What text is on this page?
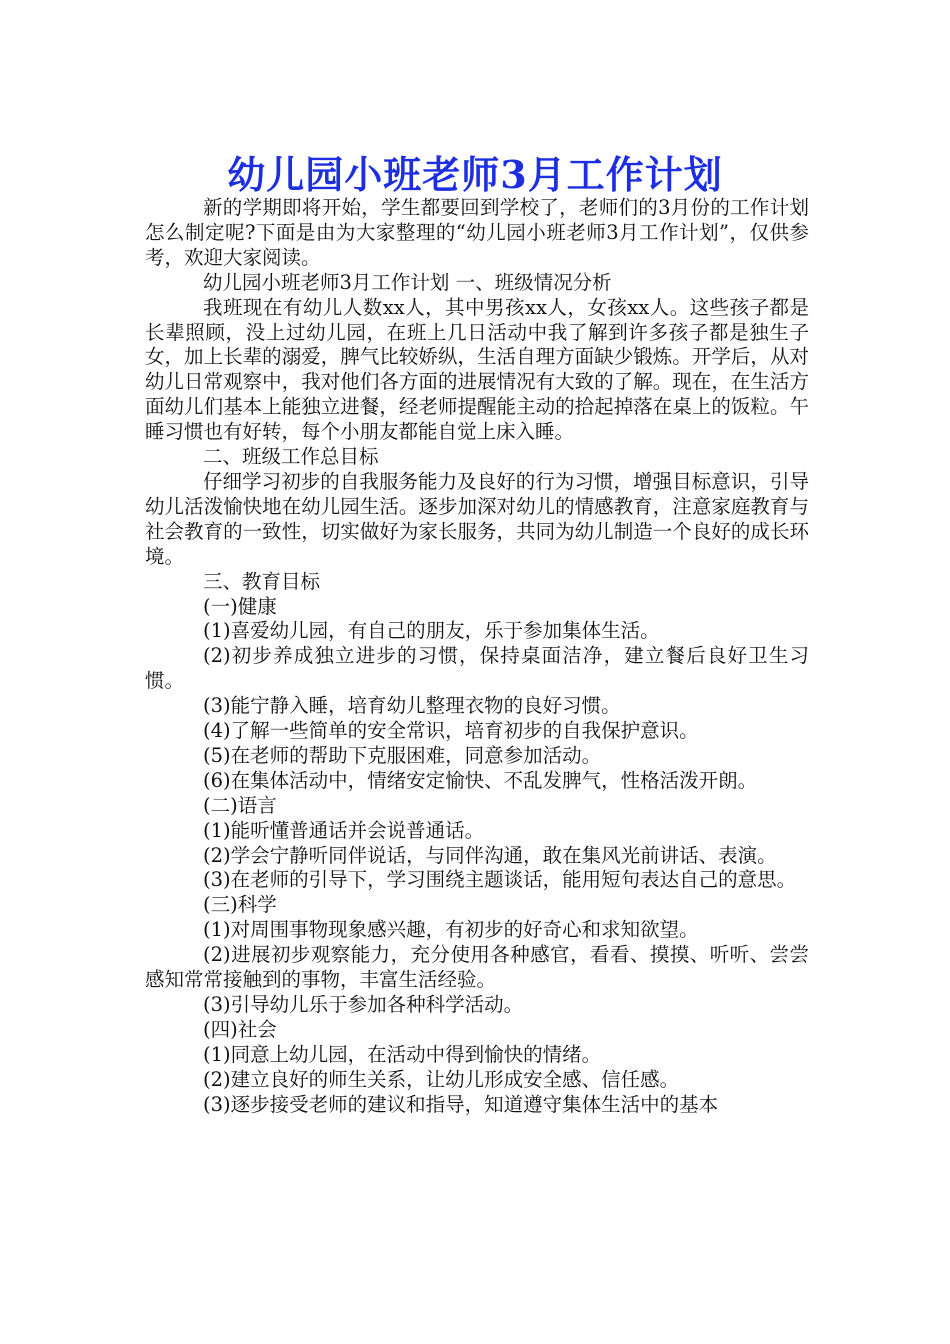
幼儿园小班老师3月工作计划

新的学期即将开始，学生都要回到学校了，老师们的3月份的工作计划怎么制定呢?下面是由为大家整理的“幼儿园小班老师3月工作计划”，仅供参考，欢迎大家阅读。

幼儿园小班老师3月工作计划 一、班级情况分析

我班现在有幼儿人数xx人，其中男孩xx人，女孩xx人。这些孩子都是长辈照顾，没上过幼儿园，在班上几日活动中我了解到许多孩子都是独生子女，加上长辈的溺爱，脾气比较娇纵，生活自理方面缺少锻炼。开学后，从对幼儿日常观察中，我对他们各方面的进展情况有大致的了解。现在，在生活方面幼儿们基本上能独立进餐，经老师提醒能主动的拾起掉落在桌上的饭粒。午睡习惯也有好转，每个小朋友都能自觉上床入睡。

二、班级工作总目标

仔细学习初步的自我服务能力及良好的行为习惯，增强目标意识，引导幼儿活泼愉快地在幼儿园生活。逐步加深对幼儿的情感教育，注意家庭教育与社会教育的一致性，切实做好为家长服务，共同为幼儿制造一个良好的成长环境。

三、教育目标

(一)健康

(1)喜爱幼儿园，有自己的朋友，乐于参加集体生活。

(2)初步养成独立进步的习惯，保持桌面洁净，建立餐后良好卫生习惯。

(3)能宁静入睡，培育幼儿整理衣物的良好习惯。

(4)了解一些简单的安全常识，培育初步的自我保护意识。

(5)在老师的帮助下克服困难，同意参加活动。

(6)在集体活动中，情绪安定愉快、不乱发脾气，性格活泼开朗。

(二)语言

(1)能听懂普通话并会说普通话。

(2)学会宁静听同伴说话，与同伴沟通，敢在集风光前讲话、表演。

(3)在老师的引导下，学习围绕主题谈话，能用短句表达自己的意思。

(三)科学

(1)对周围事物现象感兴趣，有初步的好奇心和求知欲望。

(2)进展初步观察能力，充分使用各种感官，看看、摸摸、听听、尝尝感知常常接触到的事物，丰富生活经验。

(3)引导幼儿乐于参加各种科学活动。

(四)社会

(1)同意上幼儿园，在活动中得到愉快的情绪。

(2)建立良好的师生关系，让幼儿形成安全感、信任感。

(3)逐步接受老师的建议和指导，知道遵守集体生活中的基本
